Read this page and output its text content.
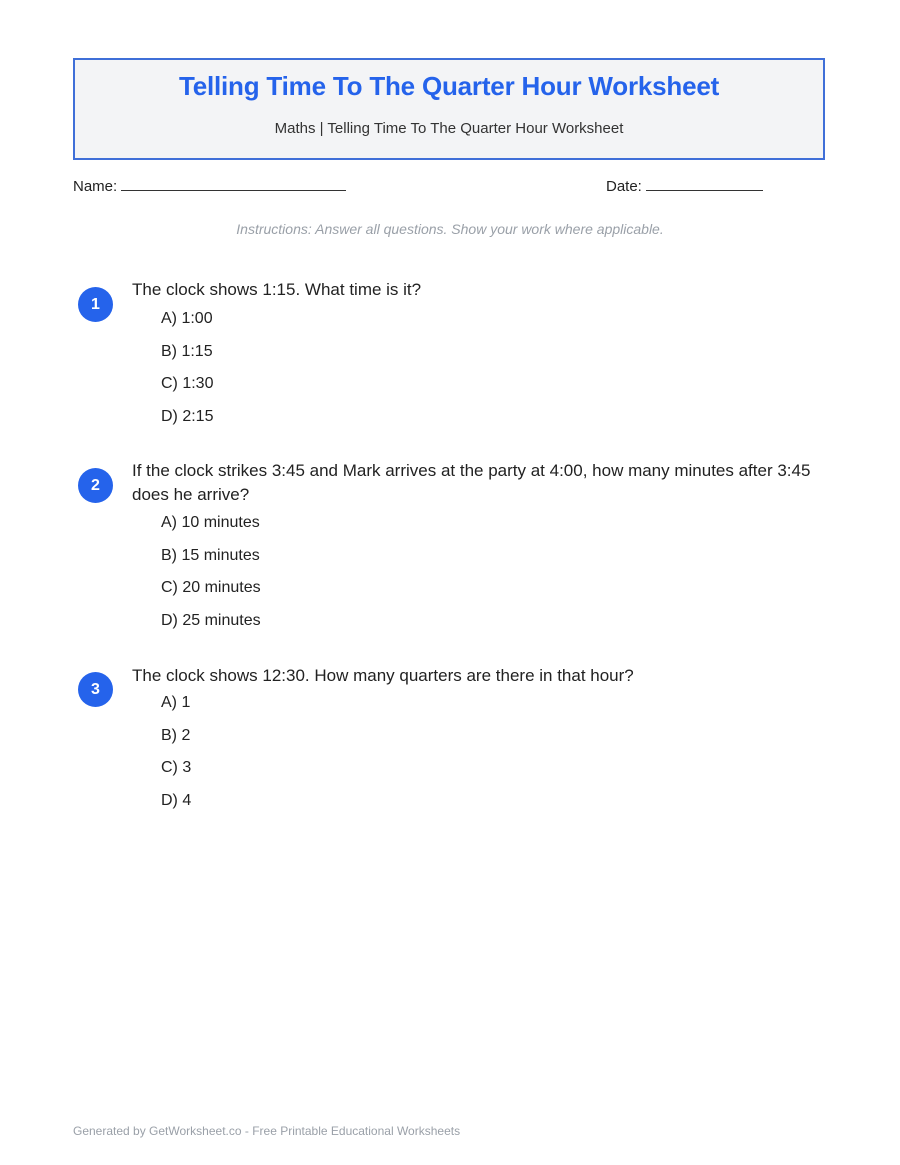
Telling Time To The Quarter Hour Worksheet
Maths | Telling Time To The Quarter Hour Worksheet
Name:	Date:
Instructions: Answer all questions. Show your work where applicable.
1
The clock shows 1:15. What time is it?
A) 1:00
B) 1:15
C) 1:30
D) 2:15
2
If the clock strikes 3:45 and Mark arrives at the party at 4:00, how many minutes after 3:45 does he arrive?
A) 10 minutes
B) 15 minutes
C) 20 minutes
D) 25 minutes
3
The clock shows 12:30. How many quarters are there in that hour?
A) 1
B) 2
C) 3
D) 4
Generated by GetWorksheet.co - Free Printable Educational Worksheets
